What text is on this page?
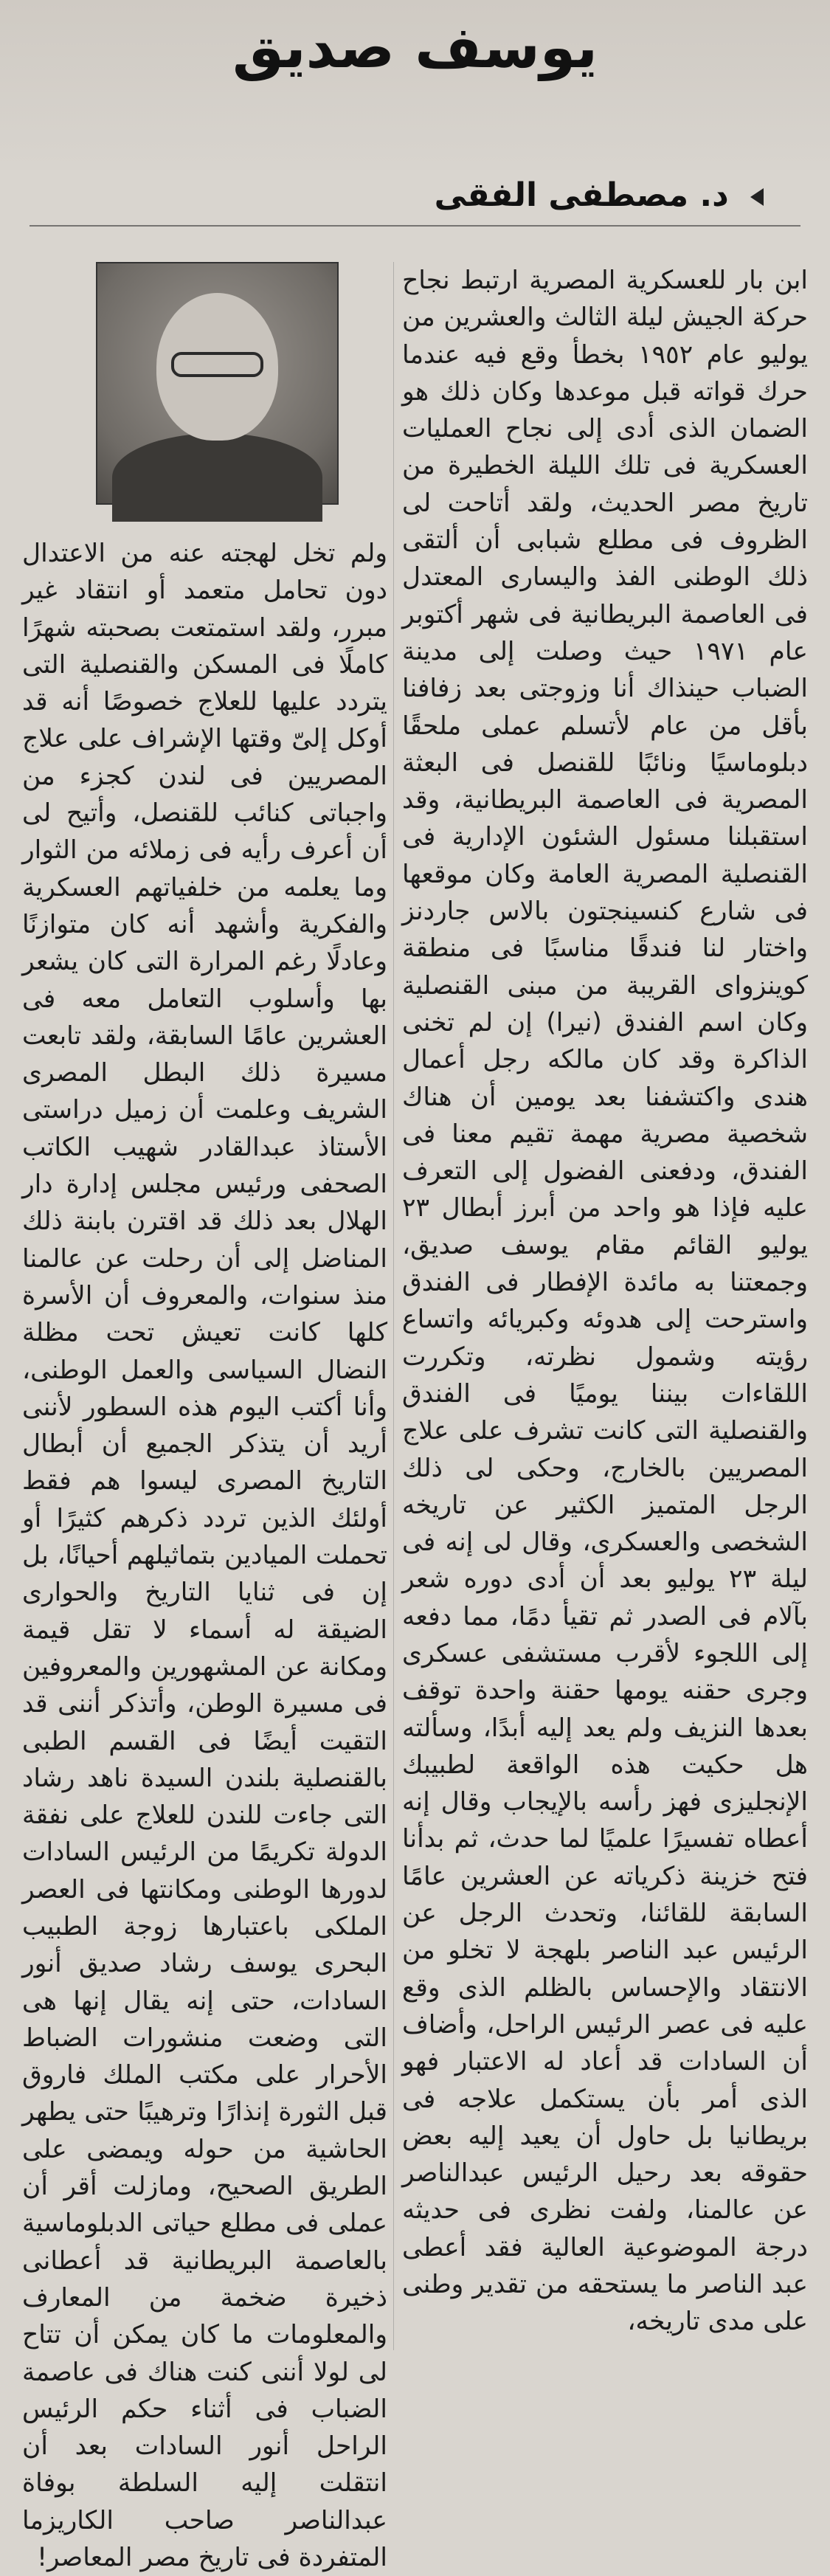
يوسف صديق
د. مصطفى الفقى
ابن بار للعسكرية المصرية ارتبط نجاح حركة الجيش ليلة الثالث والعشرين من يوليو عام ١٩٥٢ بخطأ وقع فيه عندما حرك قواته قبل موعدها وكان ذلك هو الضمان الذى أدى إلى نجاح العمليات العسكرية فى تلك الليلة الخطيرة من تاريخ مصر الحديث، ولقد أتاحت لى الظروف فى مطلع شبابى أن ألتقى ذلك الوطنى الفذ واليسارى المعتدل فى العاصمة البريطانية فى شهر أكتوبر عام ١٩٧١ حيث وصلت إلى مدينة الضباب حينذاك أنا وزوجتى بعد زفافنا بأقل من عام لأتسلم عملى ملحقًا دبلوماسيًا ونائبًا للقنصل فى البعثة المصرية فى العاصمة البريطانية، وقد استقبلنا مسئول الشئون الإدارية فى القنصلية المصرية العامة وكان موقعها فى شارع كنسينجتون بالاس جاردنز واختار لنا فندقًا مناسبًا فى منطقة كوينزواى القريبة من مبنى القنصلية وكان اسم الفندق (نيرا) إن لم تخنى الذاكرة وقد كان مالكه رجل أعمال هندى واكتشفنا بعد يومين أن هناك شخصية مصرية مهمة تقيم معنا فى الفندق، ودفعنى الفضول إلى التعرف عليه فإذا هو واحد من أبرز أبطال ٢٣ يوليو القائم مقام يوسف صديق، وجمعتنا به مائدة الإفطار فى الفندق واسترحت إلى هدوئه وكبريائه واتساع رؤيته وشمول نظرته، وتكررت اللقاءات بيننا يوميًا فى الفندق والقنصلية التى كانت تشرف على علاج المصريين بالخارج، وحكى لى ذلك الرجل المتميز الكثير عن تاريخه الشخصى والعسكرى، وقال لى إنه فى ليلة ٢٣ يوليو بعد أن أدى دوره شعر بآلام فى الصدر ثم تقيأ دمًا، مما دفعه إلى اللجوء لأقرب مستشفى عسكرى وجرى حقنه يومها حقنة واحدة توقف بعدها النزيف ولم يعد إليه أبدًا، وسألته هل حكيت هذه الواقعة لطبيبك الإنجليزى فهز رأسه بالإيجاب وقال إنه أعطاه تفسيرًا علميًا لما حدث، ثم بدأنا فتح خزينة ذكرياته عن العشرين عامًا السابقة للقائنا، وتحدث الرجل عن الرئيس عبد الناصر بلهجة لا تخلو من الانتقاد والإحساس بالظلم الذى وقع عليه فى عصر الرئيس الراحل، وأضاف أن السادات قد أعاد له الاعتبار فهو الذى أمر بأن يستكمل علاجه فى بريطانيا بل حاول أن يعيد إليه بعض حقوقه بعد رحيل الرئيس عبدالناصر عن عالمنا، ولفت نظرى فى حديثه درجة الموضوعية العالية فقد أعطى عبد الناصر ما يستحقه من تقدير وطنى على مدى تاريخه،
ولم تخل لهجته عنه من الاعتدال دون تحامل متعمد أو انتقاد غير مبرر، ولقد استمتعت بصحبته شهرًا كاملًا فى المسكن والقنصلية التى يتردد عليها للعلاج خصوصًا أنه قد أوكل إلىّ وقتها الإشراف على علاج المصريين فى لندن كجزء من واجباتى كنائب للقنصل، وأتيح لى أن أعرف رأيه فى زملائه من الثوار وما يعلمه من خلفياتهم العسكرية والفكرية وأشهد أنه كان متوازنًا وعادلًا رغم المرارة التى كان يشعر بها وأسلوب التعامل معه فى العشرين عامًا السابقة، ولقد تابعت مسيرة ذلك البطل المصرى الشريف وعلمت أن زميل دراستى الأستاذ عبدالقادر شهيب الكاتب الصحفى ورئيس مجلس إدارة دار الهلال بعد ذلك قد اقترن بابنة ذلك المناضل إلى أن رحلت عن عالمنا منذ سنوات، والمعروف أن الأسرة كلها كانت تعيش تحت مظلة النضال السياسى والعمل الوطنى، وأنا أكتب اليوم هذه السطور لأننى أريد أن يتذكر الجميع أن أبطال التاريخ المصرى ليسوا هم فقط أولئك الذين تردد ذكرهم كثيرًا أو تحملت الميادين بتماثيلهم أحيانًا، بل إن فى ثنايا التاريخ والحوارى الضيقة له أسماء لا تقل قيمة ومكانة عن المشهورين والمعروفين فى مسيرة الوطن، وأتذكر أننى قد التقيت أيضًا فى القسم الطبى بالقنصلية بلندن السيدة ناهد رشاد التى جاءت للندن للعلاج على نفقة الدولة تكريمًا من الرئيس السادات لدورها الوطنى ومكانتها فى العصر الملكى باعتبارها زوجة الطبيب البحرى يوسف رشاد صديق أنور السادات، حتى إنه يقال إنها هى التى وضعت منشورات الضباط الأحرار على مكتب الملك فاروق قبل الثورة إنذارًا وترهيبًا حتى يطهر الحاشية من حوله ويمضى على الطريق الصحيح، ومازلت أقر أن عملى فى مطلع حياتى الدبلوماسية بالعاصمة البريطانية قد أعطانى ذخيرة ضخمة من المعارف والمعلومات ما كان يمكن أن تتاح لى لولا أننى كنت هناك فى عاصمة الضباب فى أثناء حكم الرئيس الراحل أنور السادات بعد أن انتقلت إليه السلطة بوفاة عبدالناصر صاحب الكاريزما المتفردة فى تاريخ مصر المعاصر!
